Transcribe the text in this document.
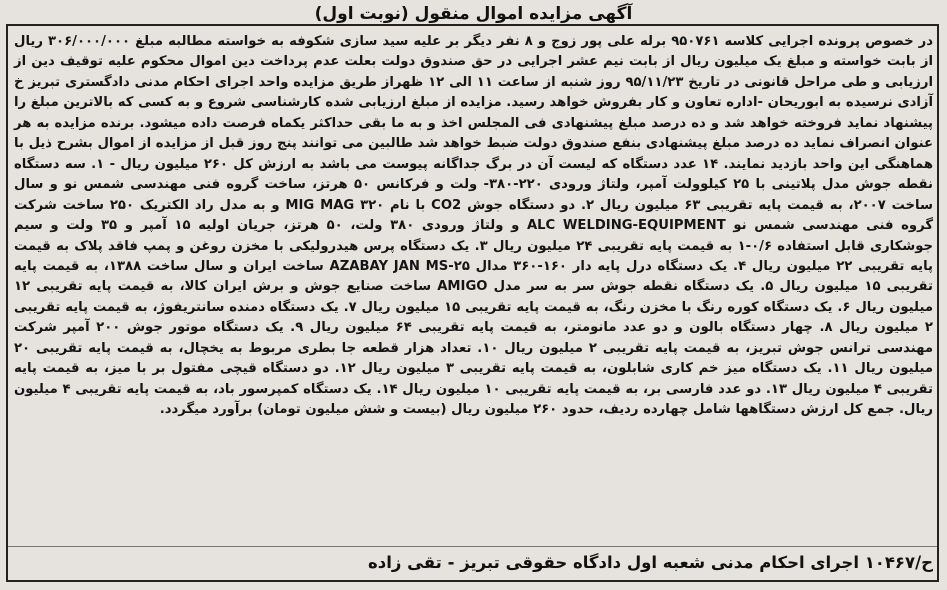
آگهی مزایده اموال منقول (نوبت اول)
در خصوص پرونده اجرایی کلاسه ۹۵۰۷۶۱ برله علی پور زوج و ۸ نفر دیگر بر علیه سید سازی شکوفه به خواسته مطالبه مبلغ ۳۰۶/۰۰۰/۰۰۰ ریال از بابت خواسته و مبلغ یک میلیون ریال از بابت نیم عشر اجرایی در حق صندوق دولت بعلت عدم پرداخت دین اموال محکوم علیه توقیف دین از ارزیابی و طی مراحل قانونی در تاریخ ۹۵/۱۱/۲۳ روز شنبه از ساعت ۱۱ الی ۱۲ ظهراز طریق مزایده واحد اجرای احکام مدنی دادگستری تبریز خ آزادی نرسیده به ابوریحان -اداره تعاون و کار بفروش خواهد رسید. مزایده از مبلغ ارزیابی شده کارشناسی شروع و به کسی که بالاترین مبلغ را پیشنهاد نماید فروخته خواهد شد و ده درصد مبلغ پیشنهادی فی المجلس اخذ و به ما بقی حداکثر یکماه فرصت داده میشود. برنده مزایده به هر عنوان انصراف نماید ده درصد مبلغ پیشنهادی بنفع صندوق دولت ضبط خواهد شد طالبین می توانند پنج روز قبل از مزایده از اموال بشرح ذیل با هماهنگی این واحد بازدید نمایند. ۱۴ عدد دستگاه که لیست آن در برگ جداگانه پیوست می باشد به ارزش کل ۲۶۰ میلیون ریال - ۱. سه دستگاه نقطه جوش مدل پلاتینی با ۲۵ کیلوولت آمپر، ولتاژ ورودی ۲۲۰-۳۸۰- ولت و فرکانس ۵۰ هرتز، ساخت گروه فنی مهندسی شمس نو و سال ساخت ۲۰۰۷، به قیمت پایه تقریبی ۶۳ میلیون ریال ۲. دو دستگاه جوش CO2 با نام ۳۲۰ MIG MAG و به مدل راد الکتریک ۲۵۰ ساخت شرکت گروه فنی مهندسی شمس نو ALC WELDING-EQUIPMENT و ولتاژ ورودی ۳۸۰ ولت، ۵۰ هرتز، جریان اولیه ۱۵ آمپر و ۳۵ ولت و سیم جوشکاری قابل استفاده ۰/۶-۱ به قیمت پایه تقریبی ۲۴ میلیون ریال ۳. یک دستگاه پرس هیدرولیکی با مخزن روغن و پمپ فاقد پلاک به قیمت پایه تقریبی ۲۲ میلیون ریال ۴. یک دستگاه درل پایه دار ۱۶۰-۳۶۰ مدال ۲۵-AZABAY JAN MS ساخت ایران و سال ساخت ۱۳۸۸، به قیمت پایه تقریبی ۱۵ میلیون ریال ۵. یک دستگاه نقطه جوش سر به سر مدل AMIGO ساخت صنایع جوش و برش ایران کالا، به قیمت پایه تقریبی ۱۲ میلیون ریال ۶. یک دستگاه کوره رنگ با مخزن رنگ، به قیمت پایه تقریبی ۱۵ میلیون ریال ۷. یک دستگاه دمنده سانتریفوژ، به قیمت پایه تقریبی ۲ میلیون ریال ۸. چهار دستگاه بالون و دو عدد مانومتر، به قیمت پایه تقریبی ۶۴ میلیون ریال ۹. یک دستگاه موتور جوش ۲۰۰ آمپر شرکت مهندسی ترانس جوش تبریز، به قیمت پایه تقریبی ۲ میلیون ریال ۱۰. تعداد هزار قطعه جا بطری مربوط به یخچال، به قیمت پایه تقریبی ۲۰ میلیون ریال ۱۱. یک دستگاه میز خم کاری شابلون، به قیمت پایه تقریبی ۳ میلیون ریال ۱۲. دو دستگاه قیچی مفتول بر با میز، به قیمت پایه تقریبی ۴ میلیون ریال ۱۳. دو عدد فارسی بر، به قیمت پایه تقریبی ۱۰ میلیون ریال ۱۴. یک دستگاه کمپرسور باد، به قیمت پایه تقریبی ۴ میلیون ریال. جمع کل ارزش دستگاهها شامل چهارده ردیف، حدود ۲۶۰ میلیون ریال (بیست و شش میلیون تومان) برآورد میگردد.
ح/۱۰۴۶۷ اجرای احکام مدنی شعبه اول دادگاه حقوقی تبریز - تقی زاده
